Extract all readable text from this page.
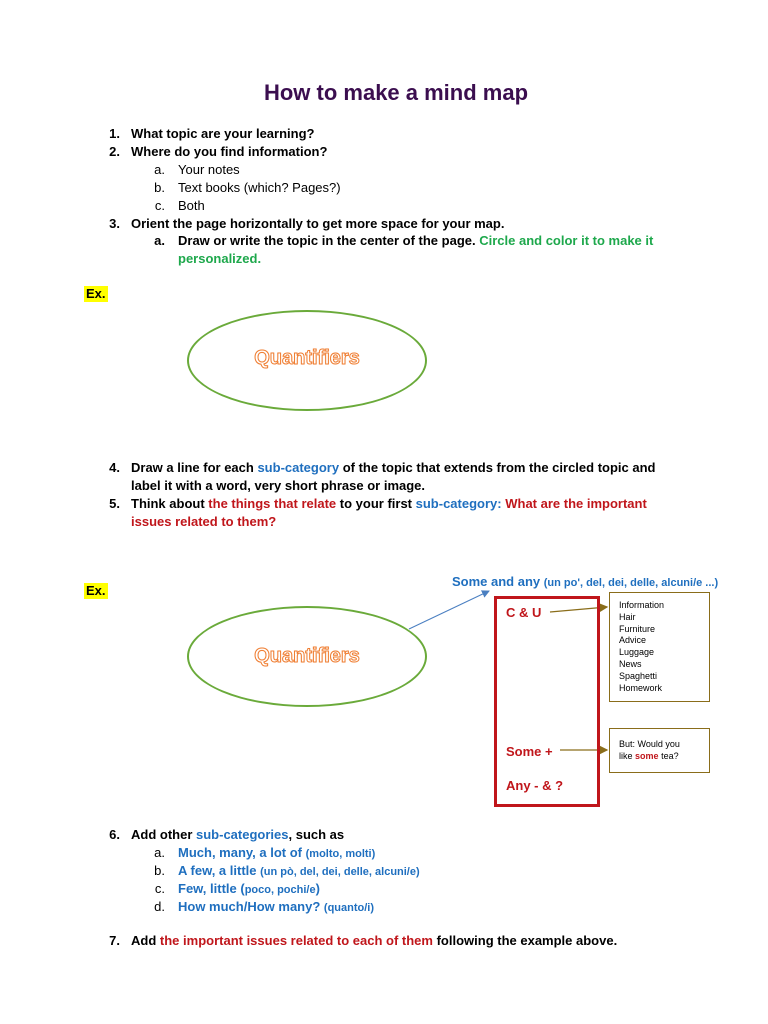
How to make a mind map
1. What topic are your learning?
2. Where do you find information?
a. Your notes
b. Text books (which? Pages?)
c. Both
3. Orient the page horizontally to get more space for your map.
a. Draw or write the topic in the center of the page. Circle and color it to make it
personalized.
Ex.
Quantifiers
4. Draw a line for each sub-category of the topic that extends from the circled topic and
label it with a word, very short phrase or image.
5. Think about the things that relate to your first sub-category: What are the important
issues related to them?
Ex.
Some and any (un po', del, dei, delle, alcuni/e ...)
Quantifiers
C & U
Some +
Any - & ?
Information
Hair
Furniture
Advice
Luggage
News
Spaghetti
Homework
But: Would you
like some tea?
6. Add other sub-categories, such as
a. Much, many, a lot of (molto, molti)
b. A few, a little (un pò, del, dei, delle, alcuni/e)
c. Few, little (poco, pochi/e)
d. How much/How many? (quanto/i)
7. Add the important issues related to each of them following the example above.
